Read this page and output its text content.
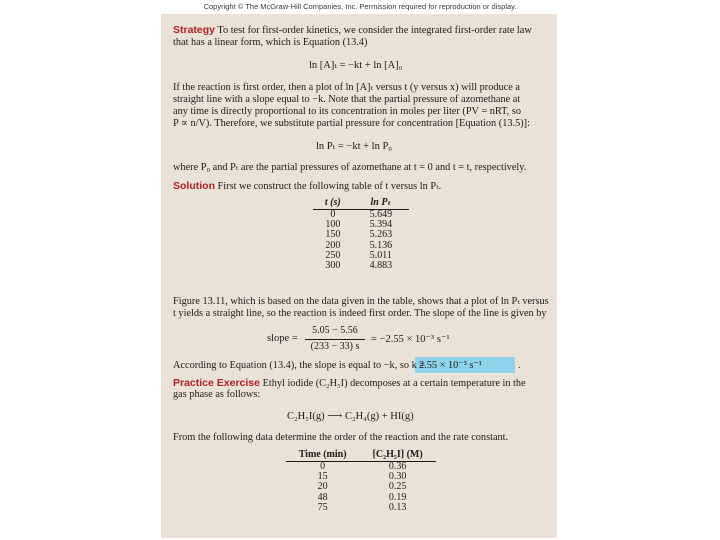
Copyright © The McGraw-Hill Companies, Inc. Permission required for reproduction or display.
Strategy To test for first-order kinetics, we consider the integrated first-order rate law
that has a linear form, which is Equation (13.4)
ln [A]ₜ = −kt + ln [A]₀
If the reaction is first order, then a plot of ln [A]ₜ versus t (y versus x) will produce a
straight line with a slope equal to −k. Note that the partial pressure of azomethane at
any time is directly proportional to its concentration in moles per liter (PV = nRT, so
P ∝ n/V). Therefore, we substitute partial pressure for concentration [Equation (13.5)]:
ln Pₜ = −kt + ln P₀
where P₀ and Pₜ are the partial pressures of azomethane at t = 0 and t = t, respectively.
Solution First we construct the following table of t versus ln Pₜ.
t (s)	ln Pₜ
0	5.649
100	5.394
150	5.263
200	5.136
250	5.011
300	4.883
Figure 13.11, which is based on the data given in the table, shows that a plot of ln Pₜ versus
t yields a straight line, so the reaction is indeed first order. The slope of the line is given by
slope =
5.05 − 5.56
(233 − 33) s
= −2.55 × 10⁻³ s⁻¹
According to Equation (13.4), the slope is equal to −k, so k =
2.55 × 10⁻³ s⁻¹	.
Practice Exercise Ethyl iodide (C₂H₅I) decomposes at a certain temperature in the
gas phase as follows:
C₂H₅I(g) ⟶ C₂H₄(g) + HI(g)
From the following data determine the order of the reaction and the rate constant.
Time (min)	[C₂H₅I] (M)
0	0.36
15	0.30
20	0.25
48	0.19
75	0.13
